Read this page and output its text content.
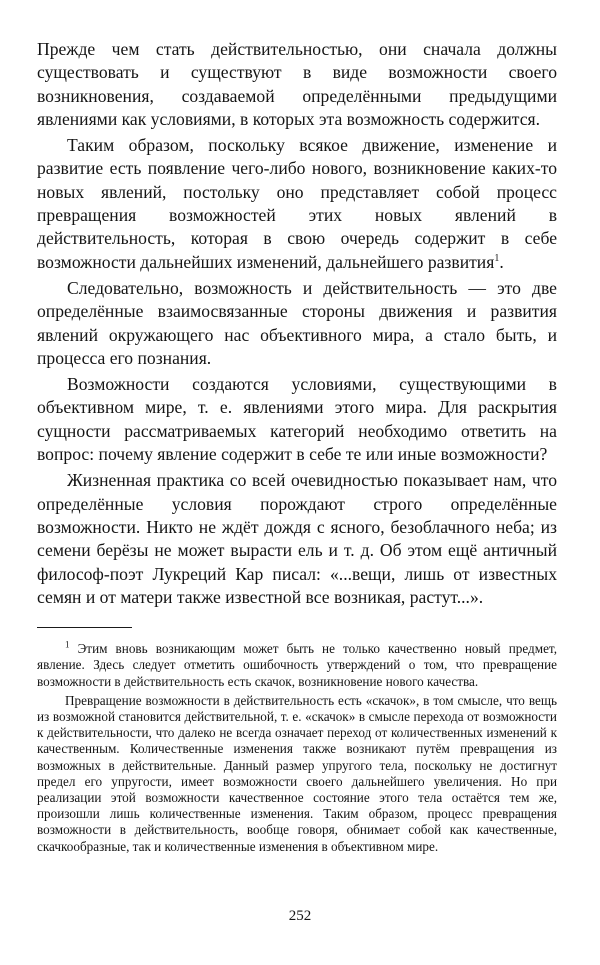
Прежде чем стать действительностью, они сначала должны существовать и существуют в виде возможности своего возникновения, создаваемой определёнными предыдущими явлениями как условиями, в которых эта возможность содержится.

Таким образом, поскольку всякое движение, изменение и развитие есть появление чего-либо нового, возникновение каких-то новых явлений, постольку оно представляет собой процесс превращения возможностей этих новых явлений в действительность, которая в свою очередь содержит в себе возможности дальнейших изменений, дальнейшего развития$^1$.

Следовательно, возможность и действительность — это две определённые взаимосвязанные стороны движения и развития явлений окружающего нас объективного мира, а стало быть, и процесса его познания.

Возможности создаются условиями, существующими в объективном мире, т. е. явлениями этого мира. Для раскрытия сущности рассматриваемых категорий необходимо ответить на вопрос: почему явление содержит в себе те или иные возможности?

Жизненная практика со всей очевидностью показывает нам, что определённые условия порождают строго определённые возможности. Никто не ждёт дождя с ясного, безоблачного неба; из семени берёзы не может вырасти ель и т. д. Об этом ещё античный философ-поэт Лукреций Кар писал: «...вещи, лишь от известных семян и от матери также известной все возникая, растут...».

$^1$ Этим вновь возникающим может быть не только качественно новый предмет, явление. Здесь следует отметить ошибочность утверждений о том, что превращение возможности в действительность есть скачок, возникновение нового качества.

Превращение возможности в действительность есть «скачок», в том смысле, что вещь из возможной становится действительной, т. е. «скачок» в смысле перехода от возможности к действительности, что далеко не всегда означает переход от количественных изменений к качественным. Количественные изменения также возникают путём превращения из возможных в действительные. Данный размер упругого тела, поскольку не достигнут предел его упругости, имеет возможности своего дальнейшего увеличения. Но при реализации этой возможности качественное состояние этого тела остаётся тем же, произошли лишь количественные изменения. Таким образом, процесс превращения возможности в действительность, вообще говоря, обнимает собой как качественные, скачкообразные, так и количественные изменения в объективном мире.

252
